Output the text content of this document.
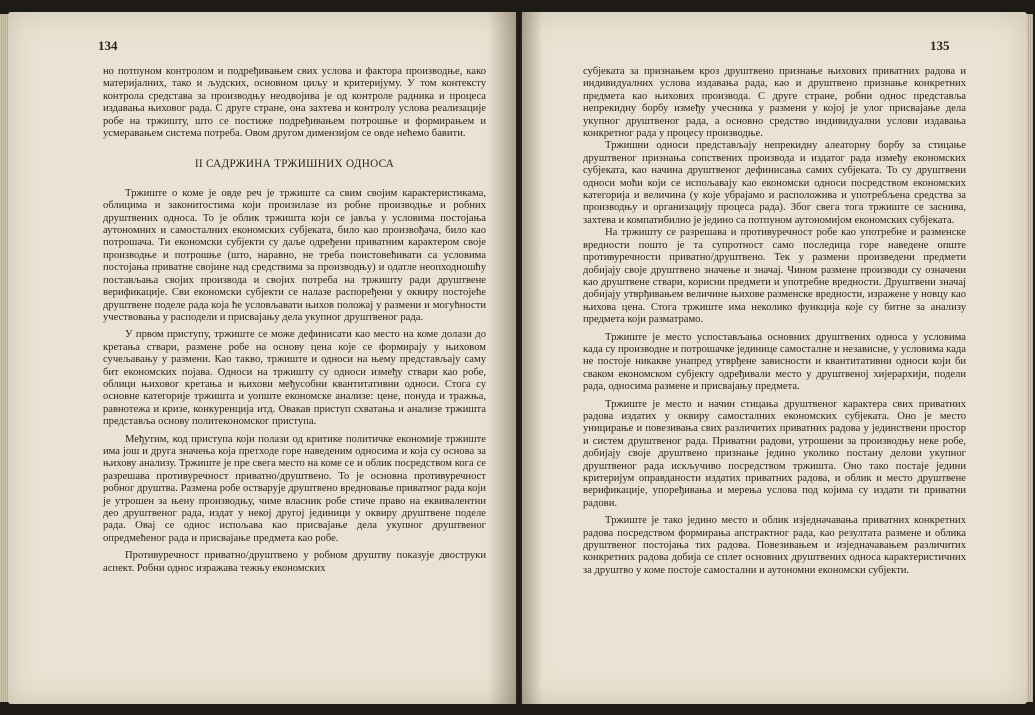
134	135

но потпуном контролом и подређивањем свих услова и фактора производње, како материјалних, тако и људских, основном циљу и критеријуму. У том контексту контрола средстава за производњу неодвојива је од контроле радника и процеса издавања њиховог рада. С друге стране, она захтева и контролу услова реализације робе на тржишту, што се постиже подређивањем потрошње и формирањем и усмеравањем система потреба. Овом другом димензијом се овде нећемо бавити.

II САДРЖИНА ТРЖИШНИХ ОДНОСА

Тржиште о коме је овде реч је тржиште са свим својим карактеристикама, облицима и законитостима који произилазе из робне производње и робних друштвених односа. То је облик тржишта који се јавља у условима постојања аутономних и самосталних економских субјеката, било као произвођача, било као потрошача. Ти економски субјекти су даље одређени приватним карактером своје производње и потрошње (што, наравно, не треба поистовећивати са условима постојања приватне својине над средствима за производњу) и одатле неопходношћу постављања својих производа и својих потреба на тржишту ради друштвене верификације. Сви економски субјекти се налазе распоређени у оквиру постојеће друштвене поделе рада која ће условљавати њихов положај у размени и могућности учествовања у расподели и присвајању дела укупног друштвеног рада.

У првом приступу, тржиште се може дефинисати као место на коме долази до кретања ствари, размене робе на основу цена које се формирају у њиховом сучељавању у размени. Као такво, тржиште и односи на њему представљају саму бит економских појава. Односи на тржишту су односи између ствари као робе, облици њиховог кретања и њихови међусобни квантитативни односи. Стога су основне категорије тржишта и уопште економске анализе: цене, понуда и тражња, равнотежа и кризе, конкуренција итд. Овакав приступ схватања и анализе тржишта представља основу политекономског приступа.

Међутим, код приступа који полази од критике политичке економије тржиште има још и друга значења која претходе горе наведеним односима и која су основа за њихову анализу. Тржиште је пре свега место на коме се и облик посредством кога се разрешава противуречност приватно/друштвено. То је основна противуречност робног друштва. Размена робе остварује друштвено вредновање приватног рада који је утрошен за њену производњу, чиме власник робе стиче право на еквивалентни део друштвеног рада, издат у некој другој јединици у оквиру друштвене поделе рада. Овај се однос испољава као присвајање дела укупног друштвеног опредмећеног рада и присвајање предмета као робе.

Противуречност приватно/друштвено у робном друштву показује двоструки аспект. Робни однос изражава тежњу економских

субјеката за признањем кроз друштвено признање њихових приватних радова и индивидуалних услова издавања рада, као и друштвено признање конкретних предмета као њихових производа. С друге стране, робни однос представља непрекидну борбу између учесника у размени у којој је улог присвајање дела укупног друштвеног рада, а основно средство индивидуални услови издавања конкретног рада у процесу производње.

Тржишни односи представљају непрекидну алеаторну борбу за стицање друштвеног признања сопствених производа и издатог рада између економских субјеката, као начина друштвеног дефинисања самих субјеката. То су друштвени односи моћи који се испољавају као економски односи посредством економских категорија и величина (у које убрајамо и расположива и употребљена средства за производњу и организацију процеса рада). Због свега тога тржиште се заснива, захтева и компатибилно је једино са потпуном аутономијом економских субјеката.

На тржишту се разрешава и противуречност робе као употребне и разменске вредности пошто је та супротност само последица горе наведене опште противуречности приватно/друштвено. Тек у размени произведени предмети добијају своје друштвено значење и значај. Чином размене производи су означени као друштвене ствари, корисни предмети и употребне вредности. Друштвени значај добијају утврђивањем величине њихове разменске вредности, изражене у новцу као њихова цена. Стога тржиште има неколико функција које су битне за анализу предмета који разматрамо.

Тржиште је место успостављања основних друштвених односа у условима када су производне и потрошачке јединице самосталне и независне, у условима када не постоје никакве унапред утврђене зависности и квантитативни односи који би сваком економском субјекту одређивали место у друштвеној хијерархији, подели рада, односима размене и присвајању предмета.

Тржиште је место и начин стицања друштвеног карактера свих приватних радова издатих у оквиру самосталних економских субјеката. Оно је место уницирање и повезивања свих различитих приватних радова у јединствени простор и систем друштвеног рада. Приватни радови, утрошени за производњу неке робе, добијају своје друштвено признање једино уколико постану делови укупног друштвеног рада искључиво посредством тржишта. Оно тако постаје једини критеријум оправданости издатих приватних радова, и облик и место друштвене верификације, упоређивања и мерења услова под којима су издати ти приватни радови.

Тржиште је тако једино место и облик изједначавања приватних конкретних радова посредством формирања апстрактног рада, као резултата размене и облика друштвеног постојања тих радова. Повезивањем и изједначавањем различитих конкретних радова добија се сплет основних друштвених односа карактеристичних за друштво у коме постоје самостални и аутономни економски субјекти.
